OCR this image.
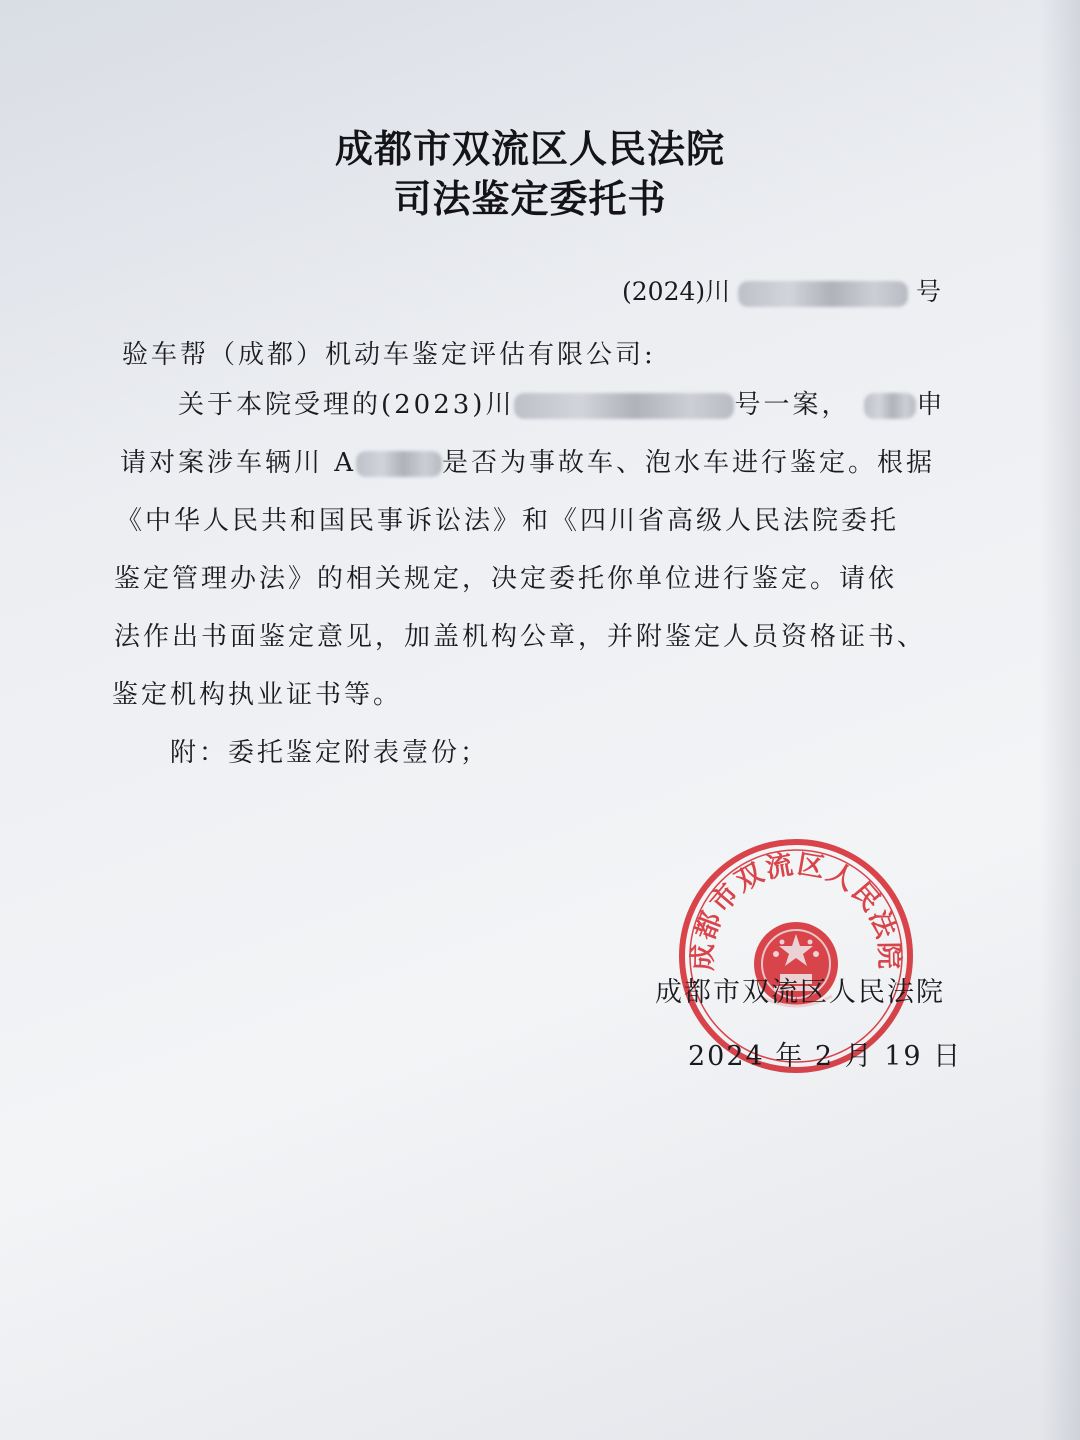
成都市双流区人民法院
司法鉴定委托书
(2024)川	号
验车帮（成都）机动车鉴定评估有限公司:
关于本院受理的(2023)川	号一案，	申
请对案涉车辆川 A	是否为事故车、泡水车进行鉴定。根据
《中华人民共和国民事诉讼法》和《四川省高级人民法院委托
鉴定管理办法》的相关规定，决定委托你单位进行鉴定。请依
法作出书面鉴定意见，加盖机构公章，并附鉴定人员资格证书、
鉴定机构执业证书等。
附：委托鉴定附表壹份；
成都市双流区人民法院
成都市双流区人民法院
2024 年 2 月 19 日
